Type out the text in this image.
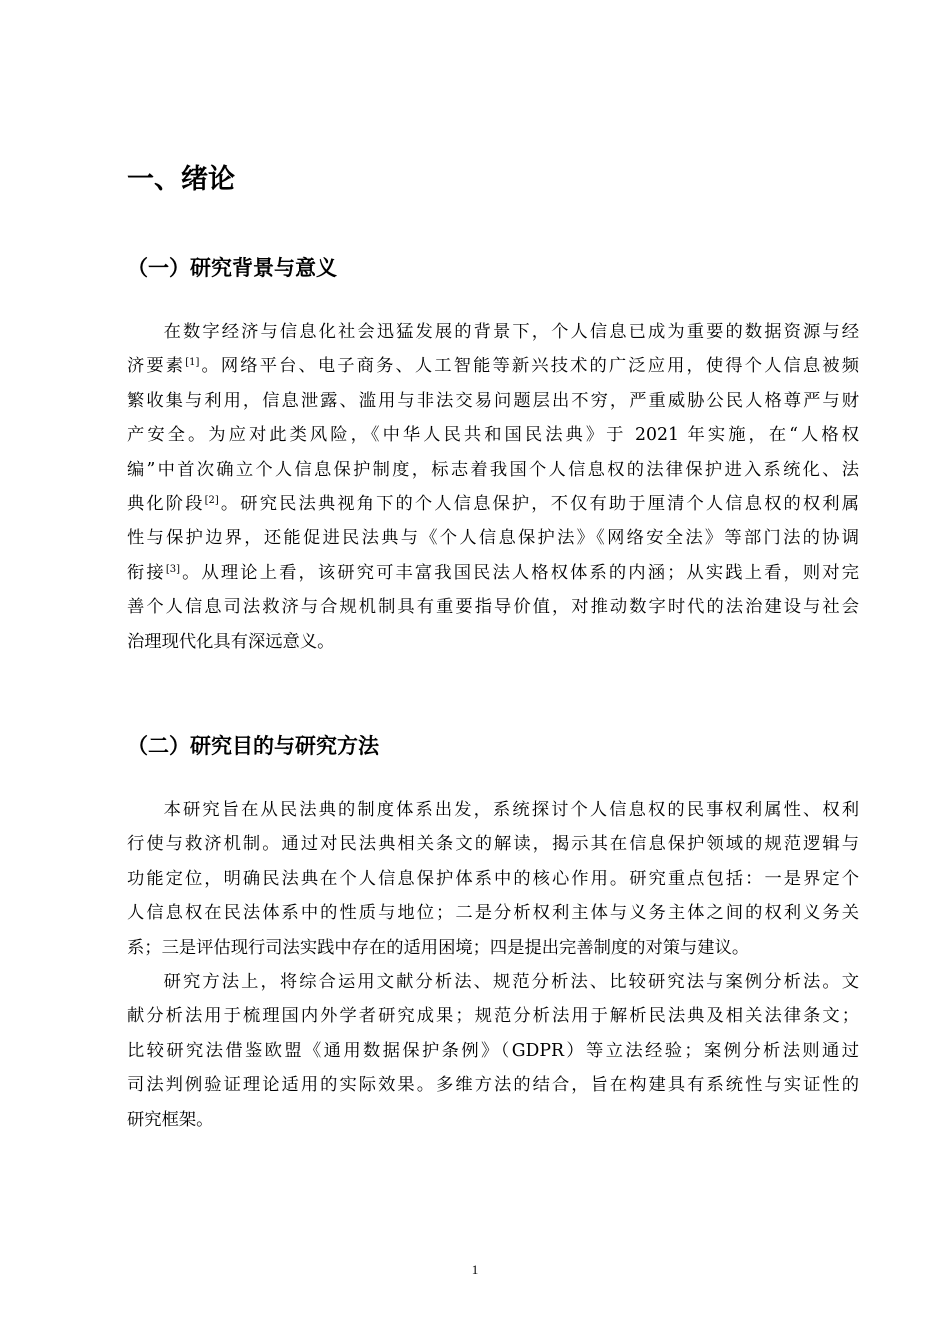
一、绪论
（一）研究背景与意义
在数字经济与信息化社会迅猛发展的背景下，个人信息已成为重要的数据资源与经
济要素[1]。网络平台、电子商务、人工智能等新兴技术的广泛应用，使得个人信息被频
繁收集与利用，信息泄露、滥用与非法交易问题层出不穷，严重威胁公民人格尊严与财
产安全。为应对此类风险，《中华人民共和国民法典》于 2021 年实施，在“人格权
编”中首次确立个人信息保护制度，标志着我国个人信息权的法律保护进入系统化、法
典化阶段[2]。研究民法典视角下的个人信息保护，不仅有助于厘清个人信息权的权利属
性与保护边界，还能促进民法典与《个人信息保护法》《网络安全法》等部门法的协调
衔接[3]。从理论上看，该研究可丰富我国民法人格权体系的内涵；从实践上看，则对完
善个人信息司法救济与合规机制具有重要指导价值，对推动数字时代的法治建设与社会
治理现代化具有深远意义。
（二）研究目的与研究方法
本研究旨在从民法典的制度体系出发，系统探讨个人信息权的民事权利属性、权利
行使与救济机制。通过对民法典相关条文的解读，揭示其在信息保护领域的规范逻辑与
功能定位，明确民法典在个人信息保护体系中的核心作用。研究重点包括：一是界定个
人信息权在民法体系中的性质与地位；二是分析权利主体与义务主体之间的权利义务关
系；三是评估现行司法实践中存在的适用困境；四是提出完善制度的对策与建议。
研究方法上，将综合运用文献分析法、规范分析法、比较研究法与案例分析法。文
献分析法用于梳理国内外学者研究成果；规范分析法用于解析民法典及相关法律条文；
比较研究法借鉴欧盟《通用数据保护条例》（GDPR）等立法经验；案例分析法则通过
司法判例验证理论适用的实际效果。多维方法的结合，旨在构建具有系统性与实证性的
研究框架。
1
